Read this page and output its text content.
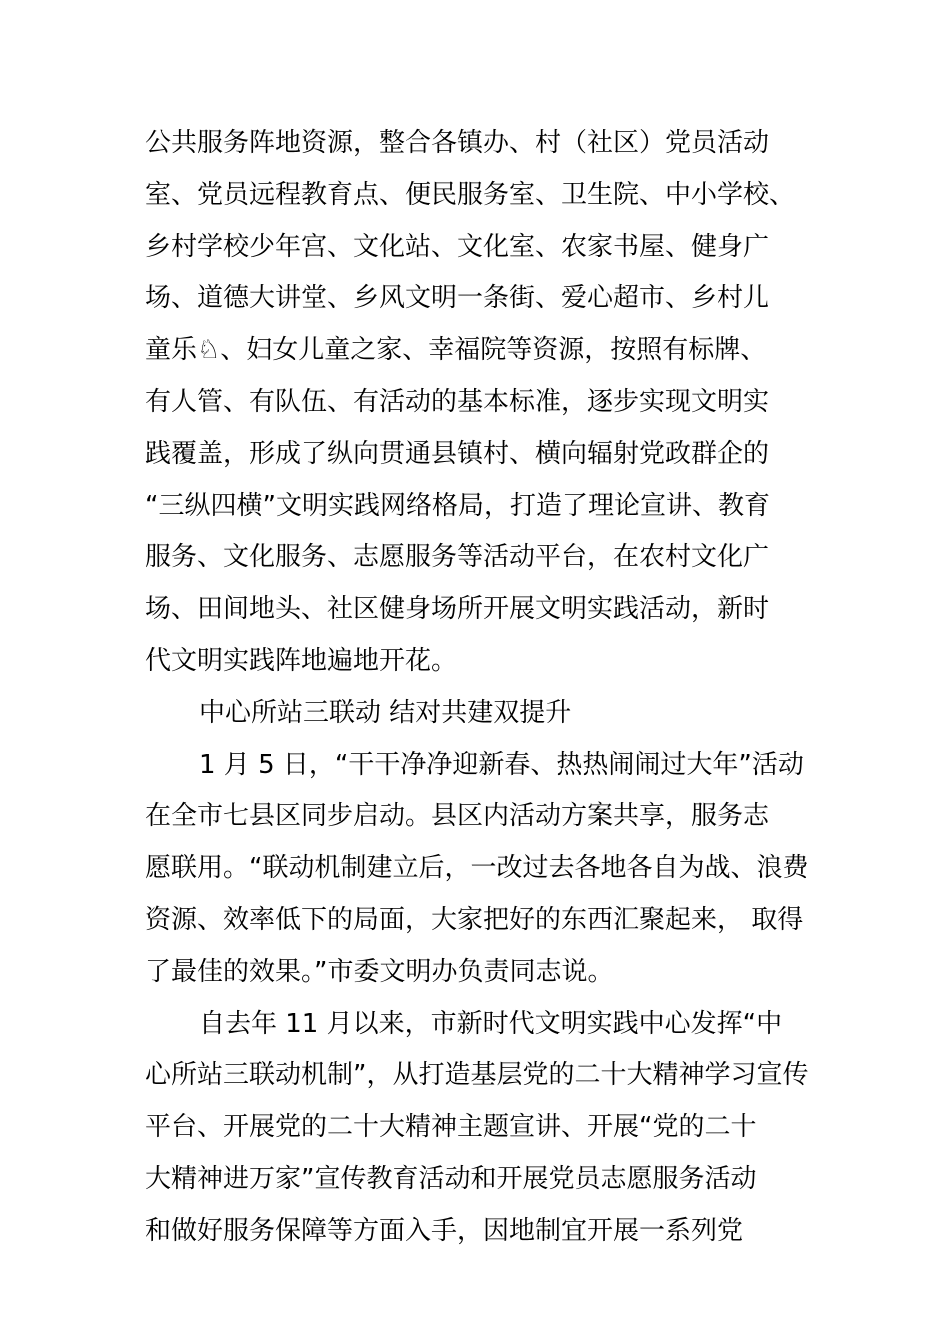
公共服务阵地资源，整合各镇办、村（社区）党员活动
室、党员远程教育点、便民服务室、卫生院、中小学校、
乡村学校少年宫、文化站、文化室、农家书屋、健身广
场、道德大讲堂、乡风文明一条街、爱心超市、乡村儿
童乐♘、妇女儿童之家、幸福院等资源，按照有标牌、
有人管、有队伍、有活动的基本标准，逐步实现文明实
践覆盖，形成了纵向贯通县镇村、横向辐射党政群企的
“三纵四横”文明实践网络格局，打造了理论宣讲、教育
服务、文化服务、志愿服务等活动平台，在农村文化广
场、田间地头、社区健身场所开展文明实践活动，新时
代文明实践阵地遍地开花。
中心所站三联动 结对共建双提升
1 月 5 日，“干干净净迎新春、热热闹闹过大年”活动
在全市七县区同步启动。县区内活动方案共享，服务志
愿联用。“联动机制建立后，一改过去各地各自为战、浪费
资源、效率低下的局面，大家把好的东西汇聚起来， 取得
了最佳的效果。”市委文明办负责同志说。
自去年 11 月以来，市新时代文明实践中心发挥“中
心所站三联动机制”，从打造基层党的二十大精神学习宣传
平台、开展党的二十大精神主题宣讲、开展“党的二十
大精神进万家”宣传教育活动和开展党员志愿服务活动
和做好服务保障等方面入手，因地制宜开展一系列党
